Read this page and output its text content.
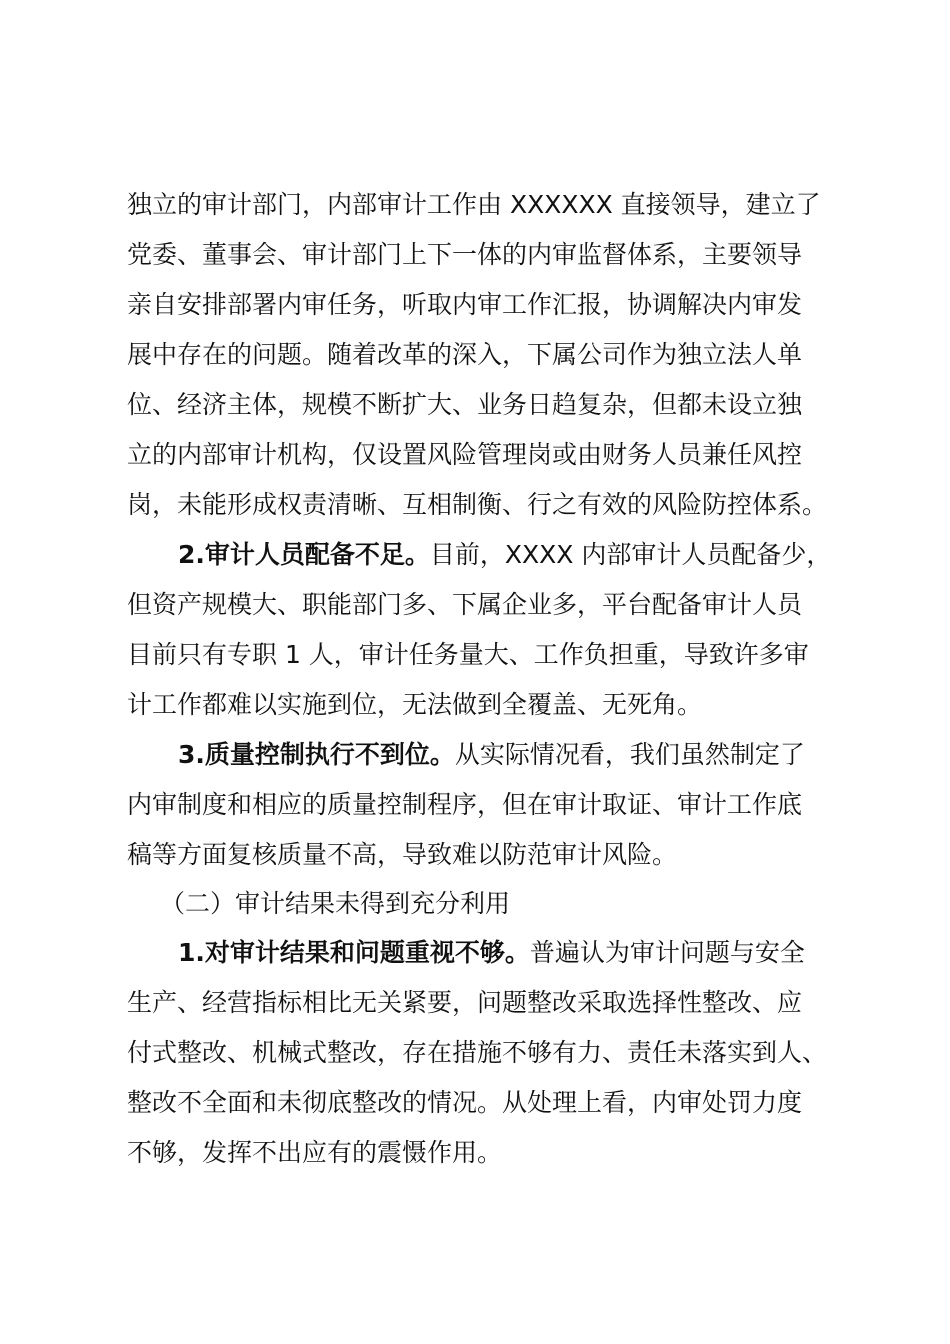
独立的审计部门，内部审计工作由 XXXXXX 直接领导，建立了
党委、董事会、审计部门上下一体的内审监督体系，主要领导
亲自安排部署内审任务，听取内审工作汇报，协调解决内审发
展中存在的问题。随着改革的深入，下属公司作为独立法人单
位、经济主体，规模不断扩大、业务日趋复杂，但都未设立独
立的内部审计机构，仅设置风险管理岗或由财务人员兼任风控
岗，未能形成权责清晰、互相制衡、行之有效的风险防控体系。
2.审计人员配备不足。目前，XXXX 内部审计人员配备少，
但资产规模大、职能部门多、下属企业多，平台配备审计人员
目前只有专职 1 人，审计任务量大、工作负担重，导致许多审
计工作都难以实施到位，无法做到全覆盖、无死角。
3.质量控制执行不到位。从实际情况看，我们虽然制定了
内审制度和相应的质量控制程序，但在审计取证、审计工作底
稿等方面复核质量不高，导致难以防范审计风险。
（二）审计结果未得到充分利用
1.对审计结果和问题重视不够。普遍认为审计问题与安全
生产、经营指标相比无关紧要，问题整改采取选择性整改、应
付式整改、机械式整改，存在措施不够有力、责任未落实到人、
整改不全面和未彻底整改的情况。从处理上看，内审处罚力度
不够，发挥不出应有的震慑作用。
